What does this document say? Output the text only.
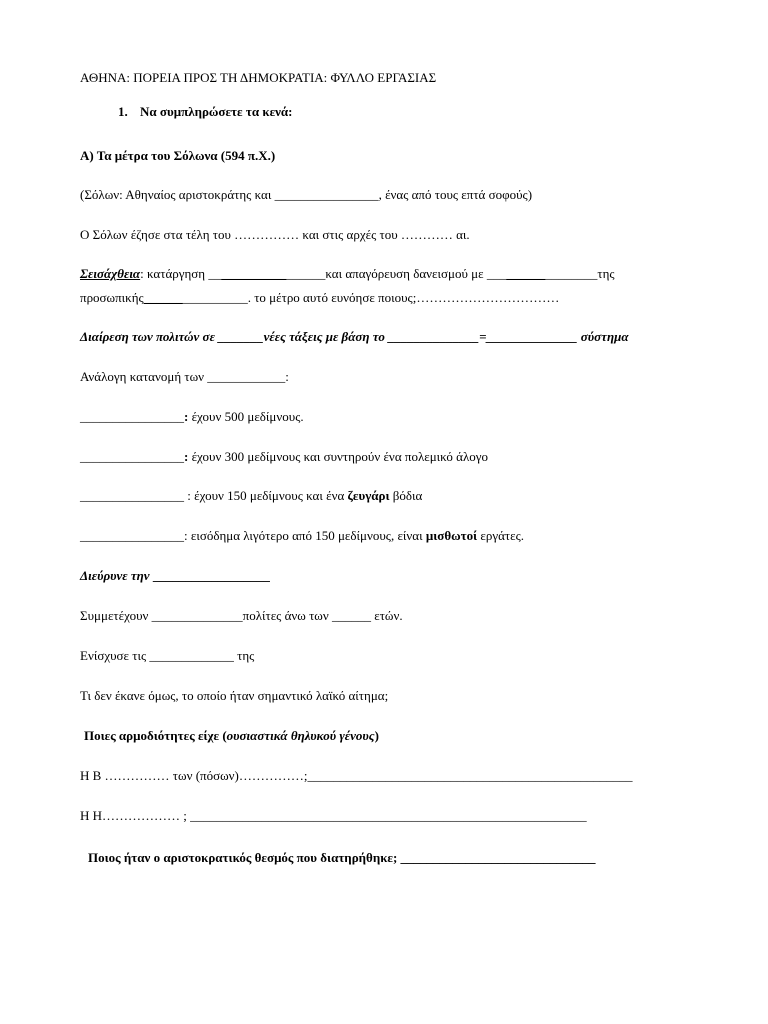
ΑΘΗΝΑ: ΠΟΡΕΙΑ ΠΡΟΣ ΤΗ ΔΗΜΟΚΡΑΤΙΑ: ΦΥΛΛΟ ΕΡΓΑΣΙΑΣ
1. Να συμπληρώσετε τα κενά:
Α) Τα μέτρα του Σόλωνα (594 π.Χ.)
(Σόλων: Αθηναίος αριστοκράτης και ________________, ένας από τους επτά σοφούς)
Ο Σόλων έζησε στα τέλη του …………… και στις αρχές του ………… αι.
Σεισάχθεια: κατάργηση __________________και απαγόρευση δανεισμού με _________________της
προσωπικής________________. το μέτρο αυτό ευνόησε ποιους;……………………………
Διαίρεση των πολιτών σε _______νέες τάξεις με βάση το ______________=______________ σύστημα
Ανάλογη κατανομή των ____________:
________________: έχουν 500 μεδίμνους.
________________: έχουν 300 μεδίμνους και συντηρούν ένα πολεμικό άλογο
________________ : έχουν 150 μεδίμνους και ένα ζευγάρι βόδια
________________: εισόδημα λιγότερο από 150 μεδίμνους, είναι μισθωτοί εργάτες.
Διεύρυνε την __________________
Συμμετέχουν ______________πολίτες άνω των ______ ετών.
Ενίσχυσε τις _____________ της
Τι δεν έκανε όμως, το οποίο ήταν σημαντικό λαϊκό αίτημα;
Ποιες αρμοδιότητες είχε (ουσιαστικά θηλυκού γένους)
Η Β …………… των (πόσων)……………;__________________________________________________
Η Η……………… ; _____________________________________________________________
Ποιος ήταν ο αριστοκρατικός θεσμός που διατηρήθηκε; ______________________________
